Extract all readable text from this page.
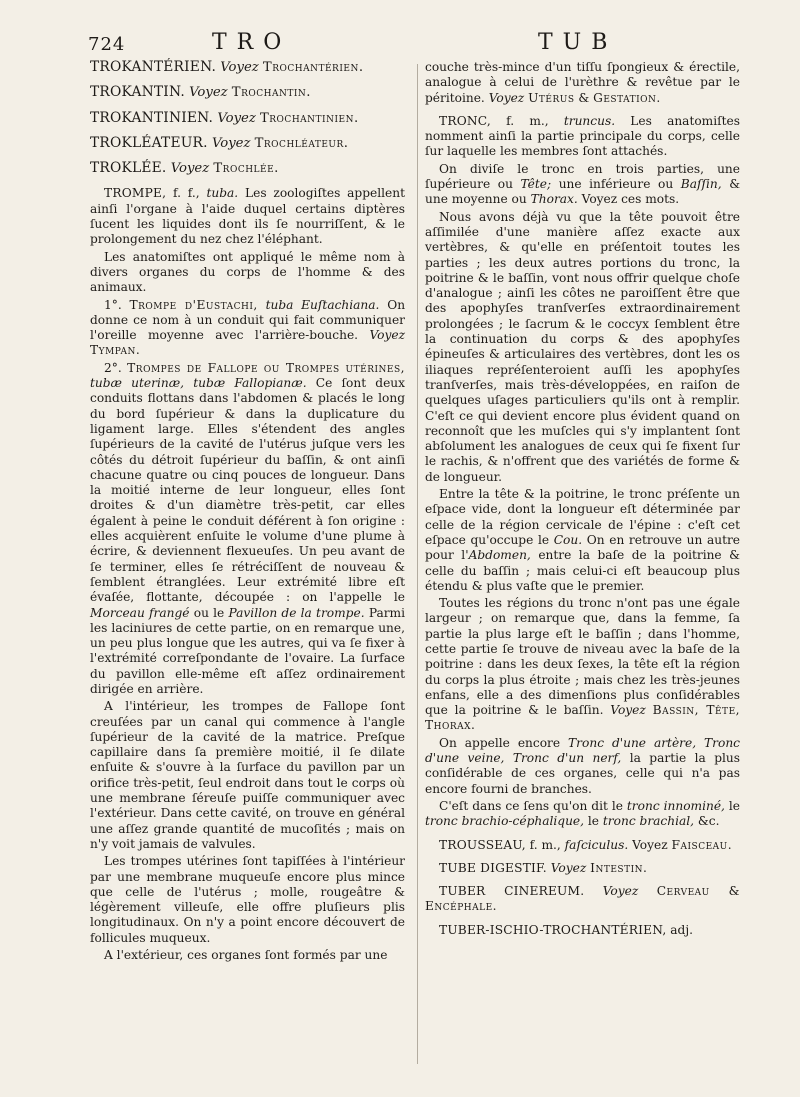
724	TRO	TUB

TROKANTÉRIEN. Voyez Trochantérien.

TROKANTIN. Voyez Trochantin.

TROKANTINIEN. Voyez Trochantinien.

TROKLÉATEUR. Voyez Trochléateur.

TROKLÉE. Voyez Trochlée.

TROMPE, f. f., tuba. Les zoologiſtes appellent ainſi l'organe à l'aide duquel certains diptères ſucent les liquides dont ils ſe nourriſſent, & le prolongement du nez chez l'éléphant.

Les anatomiſtes ont appliqué le même nom à divers organes du corps de l'homme & des animaux.

1°. Trompe d'Eustachi, tuba Euſtachiana. On donne ce nom à un conduit qui fait communiquer l'oreille moyenne avec l'arrière-bouche. Voyez Tympan.

2°. Trompes de Fallope ou Trompes utérines, tubæ uterinæ, tubæ Fallopianæ. Ce ſont deux conduits flottans dans l'abdomen & placés le long du bord ſupérieur & dans la duplicature du ligament large. Elles s'étendent des angles ſupérieurs de la cavité de l'utérus juſque vers les côtés du détroit ſupérieur du baſſin, & ont ainſi chacune quatre ou cinq pouces de longueur. Dans la moitié interne de leur longueur, elles ſont droites & d'un diamètre très-petit, car elles égalent à peine le conduit déférent à ſon origine : elles acquièrent enſuite le volume d'une plume à écrire, & deviennent flexueuſes. Un peu avant de ſe terminer, elles ſe rétréciſſent de nouveau & ſemblent étranglées. Leur extrémité libre eſt évaſée, flottante, découpée : on l'appelle le Morceau frangé ou le Pavillon de la trompe. Parmi les laciniures de cette partie, on en remarque une, un peu plus longue que les autres, qui va ſe fixer à l'extrémité correſpondante de l'ovaire. La ſurface du pavillon elle-même eſt aſſez ordinairement dirigée en arrière.

A l'intérieur, les trompes de Fallope ſont creuſées par un canal qui commence à l'angle ſupérieur de la cavité de la matrice. Preſque capillaire dans ſa première moitié, il ſe dilate enſuite & s'ouvre à la ſurface du pavillon par un orifice très-petit, ſeul endroit dans tout le corps où une membrane ſéreuſe puiſſe communiquer avec l'extérieur. Dans cette cavité, on trouve en général une aſſez grande quantité de mucoſités ; mais on n'y voit jamais de valvules.

Les trompes utérines ſont tapiſſées à l'intérieur par une membrane muqueuſe encore plus mince que celle de l'utérus ; molle, rougeâtre & légèrement villeuſe, elle offre pluſieurs plis longitudinaux. On n'y a point encore découvert de follicules muqueux.

A l'extérieur, ces organes ſont formés par une

couche très-mince d'un tiſſu ſpongieux & érectile, analogue à celui de l'urèthre & revêtue par le péritoine. Voyez Utérus & Gestation.

TRONC, f. m., truncus. Les anatomiſtes nomment ainſi la partie principale du corps, celle ſur laquelle les membres ſont attachés.

On diviſe le tronc en trois parties, une ſupérieure ou Tête; une inférieure ou Baſſin, & une moyenne ou Thorax. Voyez ces mots.

Nous avons déjà vu que la tête pouvoit être aſſimilée d'une manière aſſez exacte aux vertèbres, & qu'elle en préſentoit toutes les parties ; les deux autres portions du tronc, la poitrine & le baſſin, vont nous offrir quelque choſe d'analogue ; ainſi les côtes ne paroiſſent être que des apophyſes tranſverſes extraordinairement prolongées ; le ſacrum & le coccyx ſemblent être la continuation du corps & des apophyſes épineuſes & articulaires des vertèbres, dont les os iliaques repréſenteroient auſſi les apophyſes tranſverſes, mais très-développées, en raiſon de quelques uſages particuliers qu'ils ont à remplir. C'eſt ce qui devient encore plus évident quand on reconnoît que les muſcles qui s'y implantent ſont abſolument les analogues de ceux qui ſe fixent ſur le rachis, & n'offrent que des variétés de forme & de longueur.

Entre la tête & la poitrine, le tronc préſente un eſpace vide, dont la longueur eſt déterminée par celle de la région cervicale de l'épine : c'eſt cet eſpace qu'occupe le Cou. On en retrouve un autre pour l'Abdomen, entre la baſe de la poitrine & celle du baſſin ; mais celui-ci eſt beaucoup plus étendu & plus vaſte que le premier.

Toutes les régions du tronc n'ont pas une égale largeur ; on remarque que, dans la femme, ſa partie la plus large eſt le baſſin ; dans l'homme, cette partie ſe trouve de niveau avec la baſe de la poitrine : dans les deux ſexes, la tête eſt la région du corps la plus étroite ; mais chez les très-jeunes enfans, elle a des dimenſions plus conſidérables que la poitrine & le baſſin. Voyez Bassin, Tête, Thorax.

On appelle encore Tronc d'une artère, Tronc d'une veine, Tronc d'un nerf, la partie la plus conſidérable de ces organes, celle qui n'a pas encore fourni de branches.

C'eſt dans ce ſens qu'on dit le tronc innominé, le tronc brachio-céphalique, le tronc brachial, &c.

TROUSSEAU, f. m., faſciculus. Voyez Faisceau.

TUBE DIGESTIF. Voyez Intestin.

TUBER CINEREUM. Voyez Cerveau & Encéphale.

TUBER-ISCHIO-TROCHANTÉRIEN, adj.
